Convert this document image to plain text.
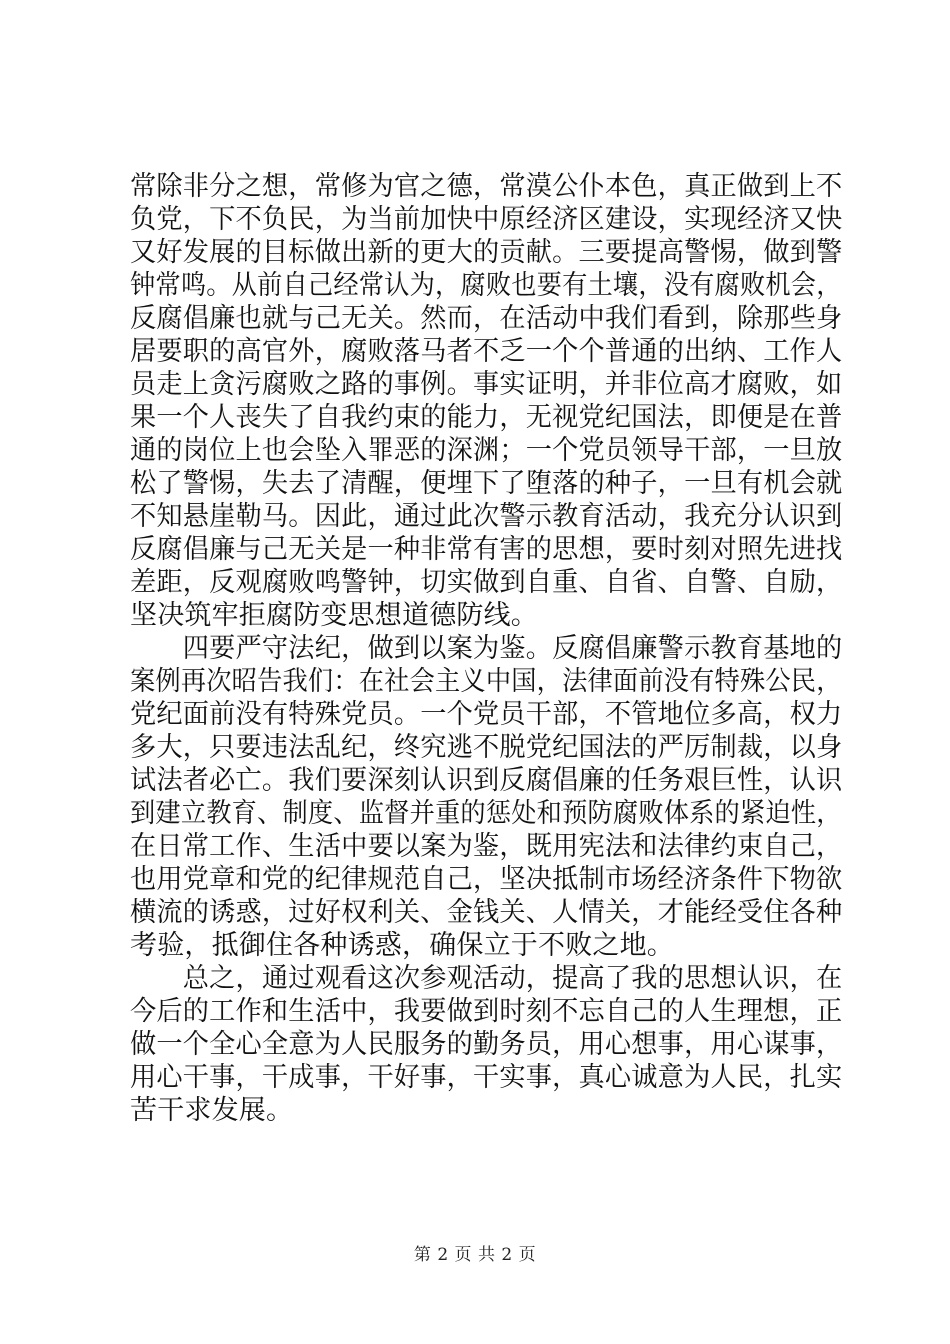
常除非分之想，常修为官之德，常漠公仆本色，真正做到上不
负党，下不负民，为当前加快中原经济区建设，实现经济又快
又好发展的目标做出新的更大的贡献。三要提高警惕，做到警
钟常鸣。从前自己经常认为，腐败也要有土壤，没有腐败机会，
反腐倡廉也就与己无关。然而，在活动中我们看到，除那些身
居要职的高官外，腐败落马者不乏一个个普通的出纳、工作人
员走上贪污腐败之路的事例。事实证明，并非位高才腐败，如
果一个人丧失了自我约束的能力，无视党纪国法，即便是在普
通的岗位上也会坠入罪恶的深渊；一个党员领导干部，一旦放
松了警惕，失去了清醒，便埋下了堕落的种子，一旦有机会就
不知悬崖勒马。因此，通过此次警示教育活动，我充分认识到
反腐倡廉与己无关是一种非常有害的思想，要时刻对照先进找
差距，反观腐败鸣警钟，切实做到自重、自省、自警、自励，
坚决筑牢拒腐防变思想道德防线。
　　四要严守法纪，做到以案为鉴。反腐倡廉警示教育基地的
案例再次昭告我们：在社会主义中国，法律面前没有特殊公民，
党纪面前没有特殊党员。一个党员干部，不管地位多高，权力
多大，只要违法乱纪，终究逃不脱党纪国法的严厉制裁，以身
试法者必亡。我们要深刻认识到反腐倡廉的任务艰巨性，认识
到建立教育、制度、监督并重的惩处和预防腐败体系的紧迫性，
在日常工作、生活中要以案为鉴，既用宪法和法律约束自己，
也用党章和党的纪律规范自己，坚决抵制市场经济条件下物欲
横流的诱惑，过好权利关、金钱关、人情关，才能经受住各种
考验，抵御住各种诱惑，确保立于不败之地。
　　总之，通过观看这次参观活动，提高了我的思想认识，在
今后的工作和生活中，我要做到时刻不忘自己的人生理想，正
做一个全心全意为人民服务的勤务员，用心想事，用心谋事，
用心干事，干成事，干好事，干实事，真心诚意为人民，扎实
苦干求发展。
第 2 页 共 2 页
